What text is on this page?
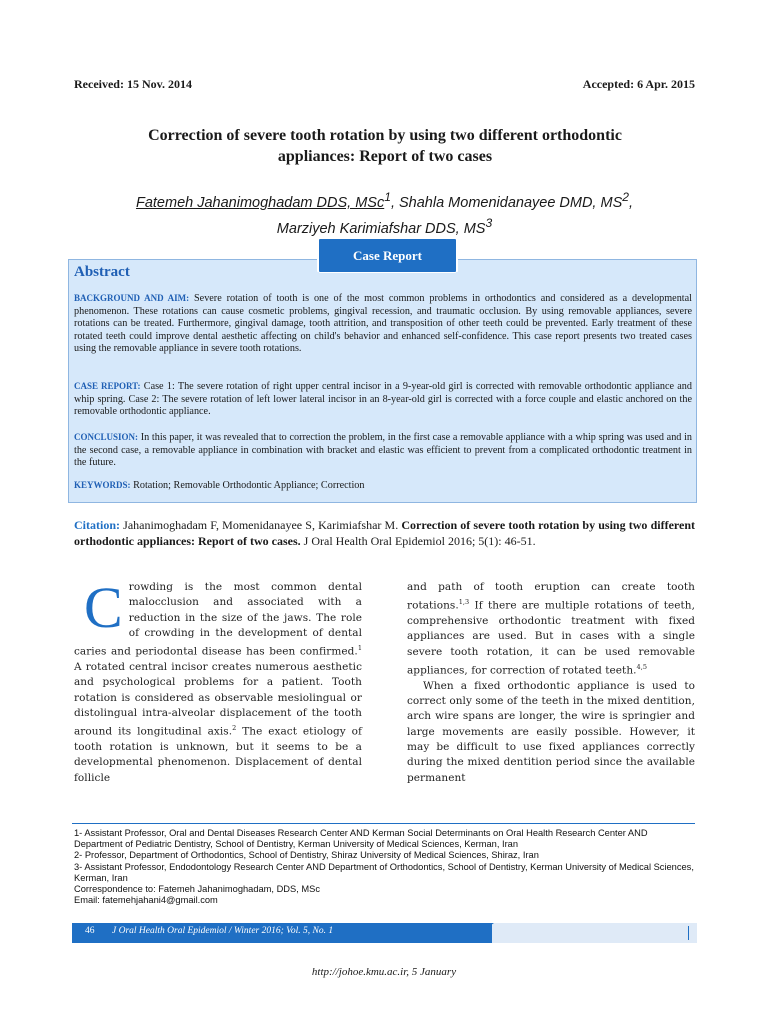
Received: 15 Nov. 2014	Accepted: 6 Apr. 2015
Correction of severe tooth rotation by using two different orthodontic
appliances: Report of two cases
Fatemeh Jahanimoghadam DDS, MSc$^1$, Shahla Momenidanayee DMD, $MS^2$,
Marziyeh Karimiafshar DDS, $MS^3$
Abstract
BACKGROUND AND AIM: Severe rotation of tooth is one of the most common problems in orthodontics and considered as a developmental phenomenon. These rotations can cause cosmetic problems, gingival recession, and traumatic occlusion. By using removable appliances, severe rotations can be treated. Furthermore, gingival damage, tooth attrition, and transposition of other teeth could be prevented. Early treatment of these rotated teeth could improve dental aesthetic affecting on child's behavior and enhanced self-confidence. This case report presents two treated cases using the removable appliance in severe tooth rotations.
CASE REPORT: Case 1: The severe rotation of right upper central incisor in a 9-year-old girl is corrected with removable orthodontic appliance and whip spring. Case 2: The severe rotation of left lower lateral incisor in an 8-year-old girl is corrected with a force couple and elastic anchored on the removable orthodontic appliance.
CONCLUSION: In this paper, it was revealed that to correction the problem, in the first case a removable appliance with a whip spring was used and in the second case, a removable appliance in combination with bracket and elastic was efficient to prevent from a complicated orthodontic treatment in the future.
KEYWORDS: Rotation; Removable Orthodontic Appliance; Correction
Case Report
Citation: Jahanimoghadam F, Momenidanayee S, Karimiafshar M. Correction of severe tooth rotation by using two different orthodontic appliances: Report of two cases. J Oral Health Oral Epidemiol 2016; 5(1): 46-51.

Crowding is the most common dental malocclusion and associated with a reduction in the size of the jaws. The role of crowding in the development of dental caries and periodontal disease has been confirmed.$^1$ A rotated central incisor creates numerous aesthetic and psychological problems for a patient. Tooth rotation is considered as observable mesiolingual or distolingual intra-alveolar displacement of the tooth around its longitudinal axis.$^2$ The exact etiology of tooth rotation is unknown, but it seems to be a developmental phenomenon. Displacement of dental follicle

and path of tooth eruption can create tooth rotations.$^{1,3}$ If there are multiple rotations of teeth, comprehensive orthodontic treatment with fixed appliances are used. But in cases with a single severe tooth rotation, it can be used removable appliances, for correction of rotated teeth.$^{4,5}$

When a fixed orthodontic appliance is used to correct only some of the teeth in the mixed dentition, arch wire spans are longer, the wire is springier and large movements are easily possible. However, it may be difficult to use fixed appliances correctly during the mixed dentition period since the available permanent

1- Assistant Professor, Oral and Dental Diseases Research Center AND Kerman Social Determinants on Oral Health Research Center AND Department of Pediatric Dentistry, School of Dentistry, Kerman University of Medical Sciences, Kerman, Iran

2- Professor, Department of Orthodontics, School of Dentistry, Shiraz University of Medical Sciences, Shiraz, Iran

3- Assistant Professor, Endodontology Research Center AND Department of Orthodontics, School of Dentistry, Kerman University of Medical Sciences, Kerman, Iran

Correspondence to: Fatemeh Jahanimoghadam, DDS, MSc

Email: fatemehjahani4@gmail.com

46 J Oral Health Oral Epidemiol / Winter 2016; Vol. 5, No. 1
http://johoe.kmu.ac.ir, 5 January
